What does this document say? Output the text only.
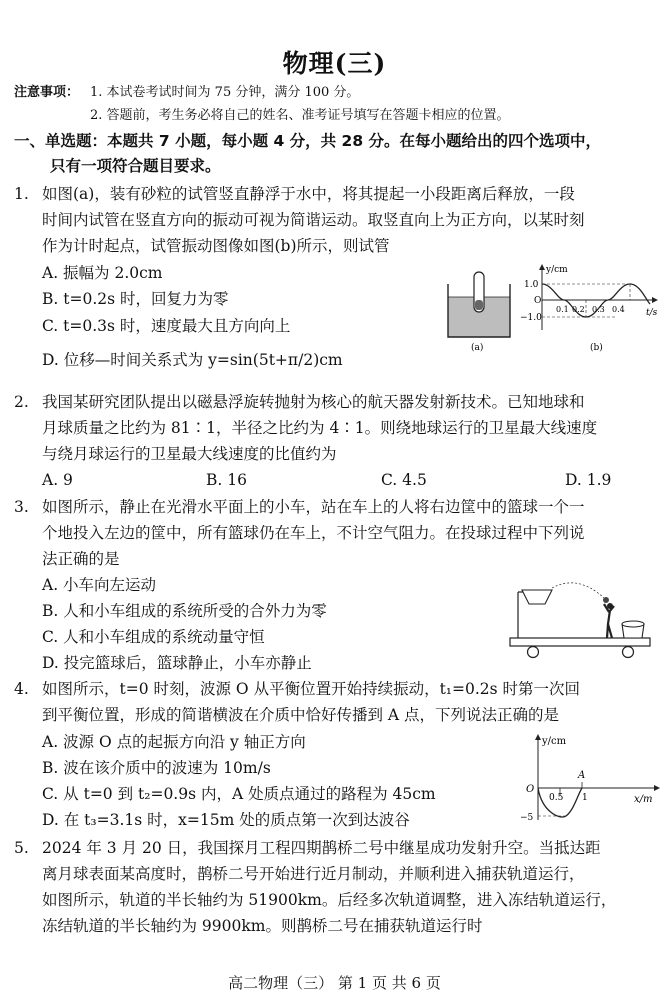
物理(三)
注意事项： 1. 本试卷考试时间为 75 分钟，满分 100 分。
2. 答题前，考生务必将自己的姓名、准考证号填写在答题卡相应的位置。
一、单选题：本题共 7 小题，每小题 4 分，共 28 分。在每小题给出的四个选项中，
只有一项符合题目要求。
1. 如图(a)，装有砂粒的试管竖直静浮于水中，将其提起一小段距离后释放，一段
时间内试管在竖直方向的振动可视为简谐运动。取竖直向上为正方向，以某时刻
作为计时起点，试管振动图像如图(b)所示，则试管
A. 振幅为 2.0cm
B. t=0.2s 时，回复力为零
C. t=0.3s 时，速度最大且方向向上
D. 位移—时间关系式为 y=sin(5t+π/2)cm
(a)
y/cm
t/s
1.0
−1.0
O
0.1 0.2 0.3 0.4
(b)
2. 我国某研究团队提出以磁悬浮旋转抛射为核心的航天器发射新技术。已知地球和
月球质量之比约为 81∶1，半径之比约为 4∶1。则绕地球运行的卫星最大线速度
与绕月球运行的卫星最大线速度的比值约为
A. 9	B. 16	C. 4.5	D. 1.9
3. 如图所示，静止在光滑水平面上的小车，站在车上的人将右边筐中的篮球一个一
个地投入左边的筐中，所有篮球仍在车上，不计空气阻力。在投球过程中下列说
法正确的是
A. 小车向左运动
B. 人和小车组成的系统所受的合外力为零
C. 人和小车组成的系统动量守恒
D. 投完篮球后，篮球静止，小车亦静止
4. 如图所示，t=0 时刻，波源 O 从平衡位置开始持续振动，t₁=0.2s 时第一次回
到平衡位置，形成的简谐横波在介质中恰好传播到 A 点，下列说法正确的是
A. 波源 O 点的起振方向沿 y 轴正方向
B. 波在该介质中的波速为 10m/s
C. 从 t=0 到 t₂=0.9s 内，A 处质点通过的路程为 45cm
D. 在 t₃=3.1s 时，x=15m 处的质点第一次到达波谷
y/cm
x/m
O
A
0.5 1
−5
5. 2024 年 3 月 20 日，我国探月工程四期鹊桥二号中继星成功发射升空。当抵达距
离月球表面某高度时，鹊桥二号开始进行近月制动，并顺利进入捕获轨道运行，
如图所示，轨道的半长轴约为 51900km。后经多次轨道调整，进入冻结轨道运行，
冻结轨道的半长轴约为 9900km。则鹊桥二号在捕获轨道运行时
高二物理（三） 第 1 页 共 6 页
